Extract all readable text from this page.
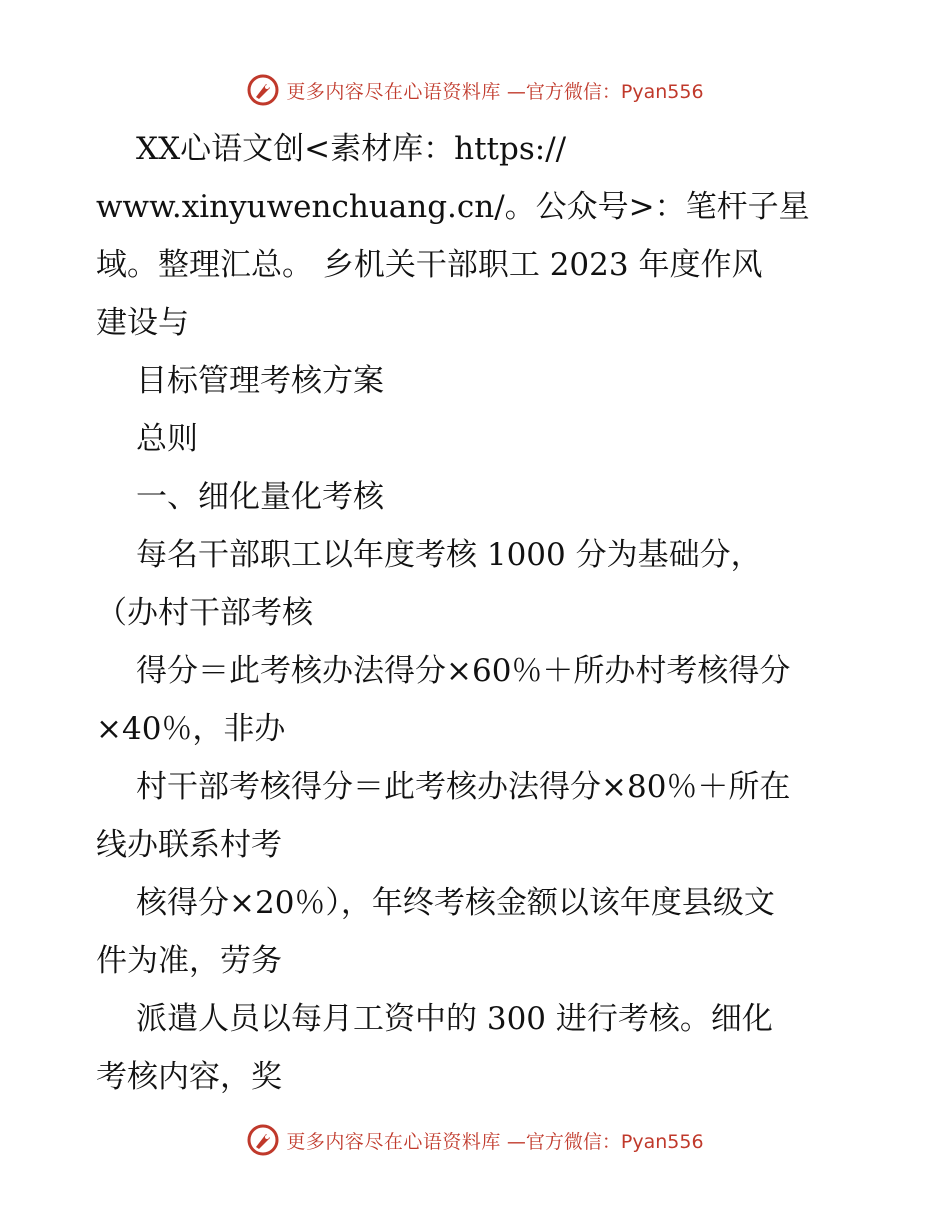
更多内容尽在心语资料库 —官方微信：Pyan556
XX心语文创<素材库：https://
www.xinyuwenchuang.cn/。公众号>：笔杆子星
域。整理汇总。 乡机关干部职工 2023 年度作风
建设与
目标管理考核方案
总则
一、细化量化考核
每名干部职工以年度考核 1000 分为基础分，
（办村干部考核
得分＝此考核办法得分×60％＋所办村考核得分
×40％，非办
村干部考核得分＝此考核办法得分×80％＋所在
线办联系村考
核得分×20％），年终考核金额以该年度县级文
件为准，劳务
派遣人员以每月工资中的 300 进行考核。细化
考核内容，奖
更多内容尽在心语资料库 —官方微信：Pyan556
